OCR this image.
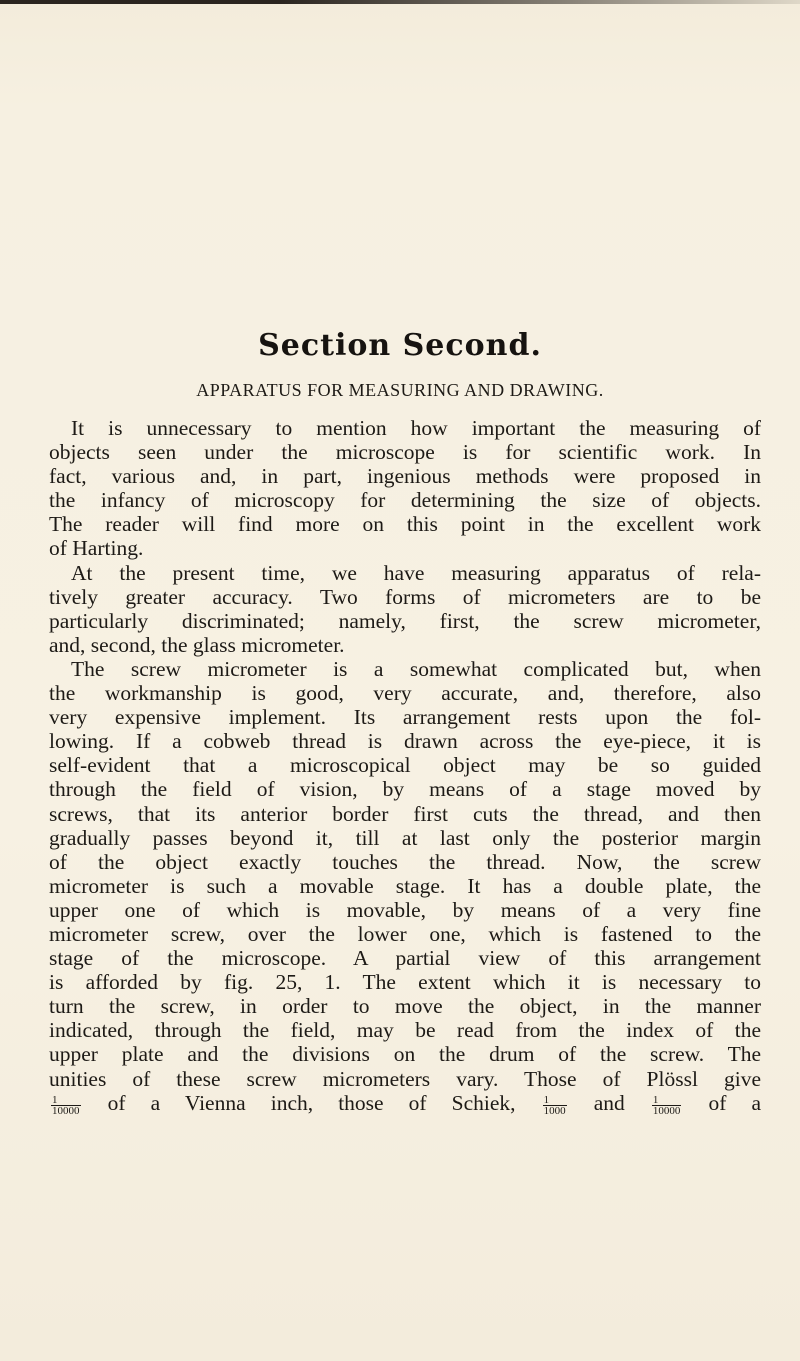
Section Second.
APPARATUS FOR MEASURING AND DRAWING.
It is unnecessary to mention how important the measuring of
objects seen under the microscope is for scientific work. In
fact, various and, in part, ingenious methods were proposed in
the infancy of microscopy for determining the size of objects.
The reader will find more on this point in the excellent work
of Harting.
At the present time, we have measuring apparatus of rela-
tively greater accuracy. Two forms of micrometers are to be
particularly discriminated; namely, first, the screw micrometer,
and, second, the glass micrometer.
The screw micrometer is a somewhat complicated but, when
the workmanship is good, very accurate, and, therefore, also
very expensive implement. Its arrangement rests upon the fol-
lowing. If a cobweb thread is drawn across the eye-piece, it is
self-evident that a microscopical object may be so guided
through the field of vision, by means of a stage moved by
screws, that its anterior border first cuts the thread, and then
gradually passes beyond it, till at last only the posterior margin
of the object exactly touches the thread. Now, the screw
micrometer is such a movable stage. It has a double plate, the
upper one of which is movable, by means of a very fine
micrometer screw, over the lower one, which is fastened to the
stage of the microscope. A partial view of this arrangement
is afforded by fig. 25, 1. The extent which it is necessary to
turn the screw, in order to move the object, in the manner
indicated, through the field, may be read from the index of the
upper plate and the divisions on the drum of the screw. The
unities of these screw micrometers vary. Those of Plössl give
$\frac{1}{10000}$ of a Vienna inch, those of Schiek, $\frac{1}{1000}$ and $\frac{1}{10000}$ of a
